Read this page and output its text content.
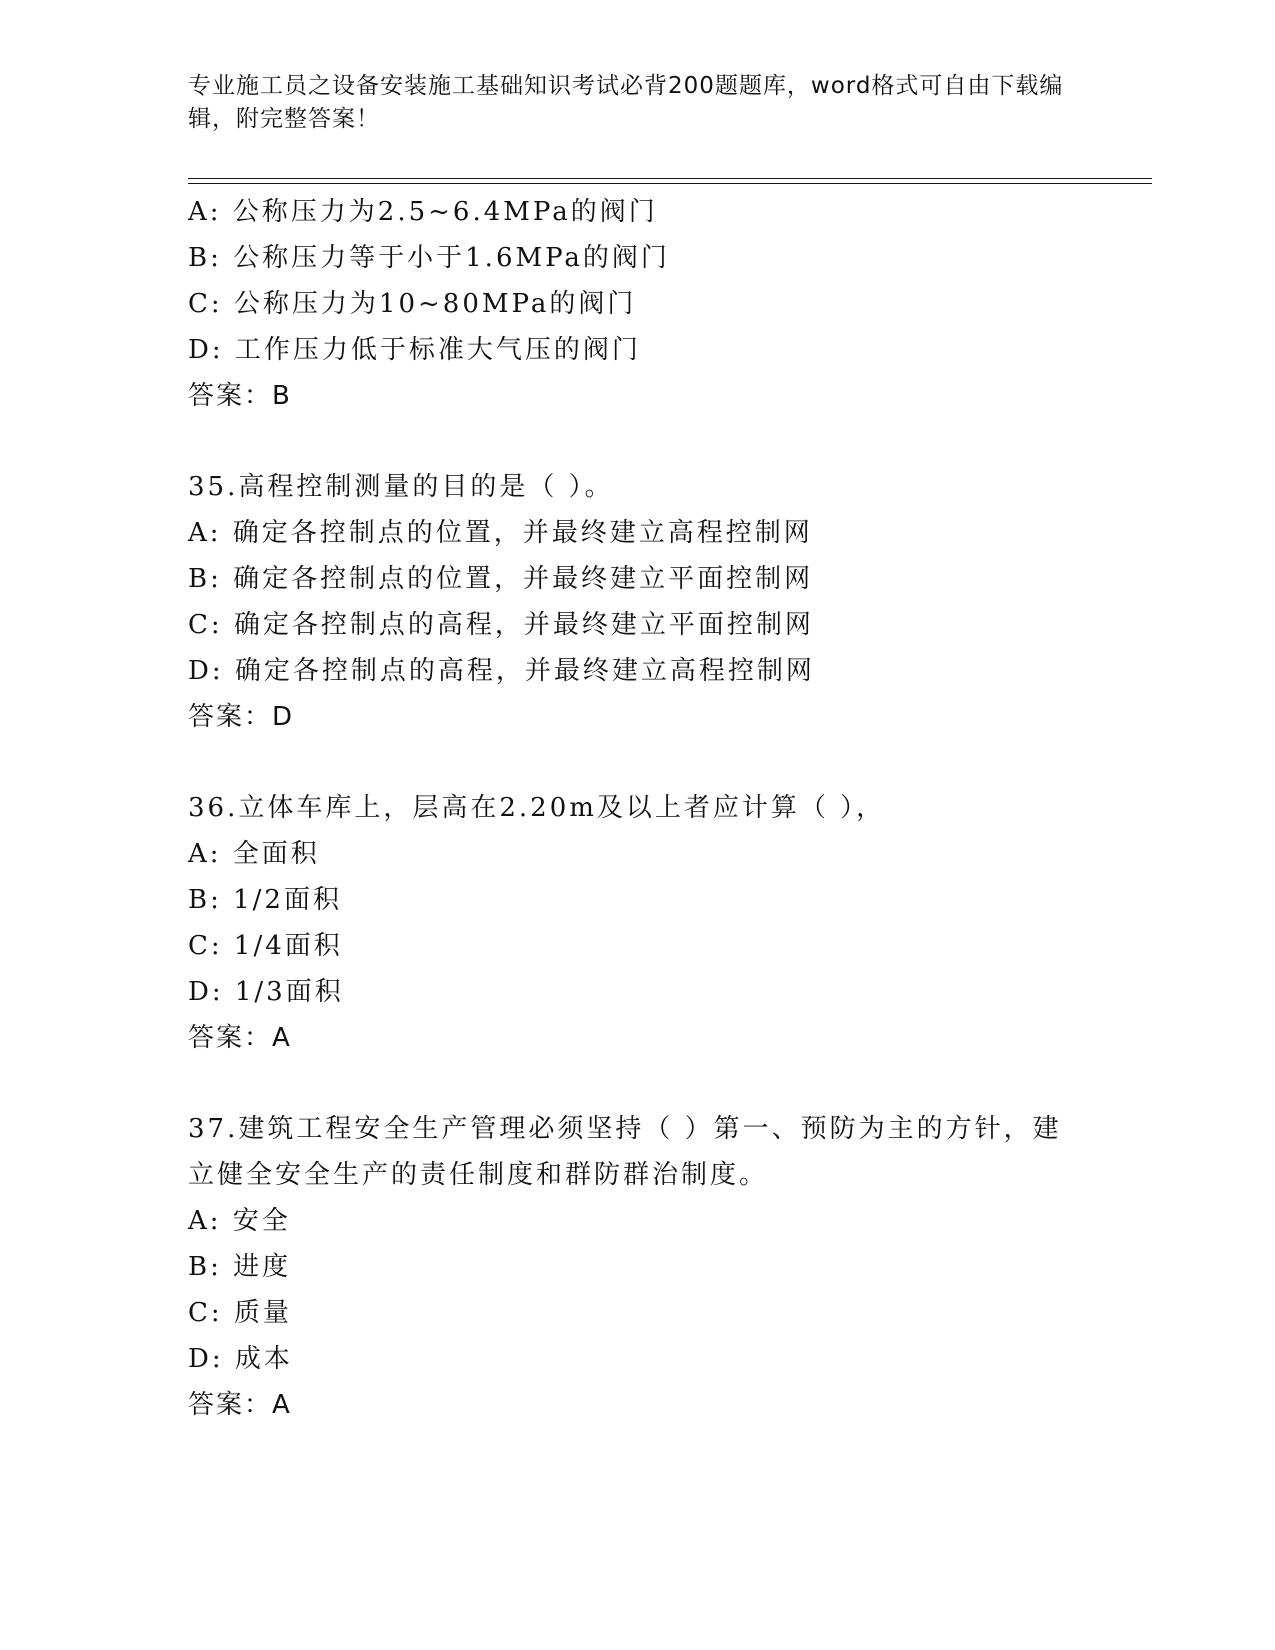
专业施工员之设备安装施工基础知识考试必背200题题库，word格式可自由下载编辑，附完整答案！
A: 公称压力为2.5~6.4MPa的阀门
B: 公称压力等于小于1.6MPa的阀门
C: 公称压力为10~80MPa的阀门
D: 工作压力低于标准大气压的阀门
答案：B
35.高程控制测量的目的是（ ）。
A: 确定各控制点的位置，并最终建立高程控制网
B: 确定各控制点的位置，并最终建立平面控制网
C: 确定各控制点的高程，并最终建立平面控制网
D: 确定各控制点的高程，并最终建立高程控制网
答案：D
36.立体车库上，层高在2.20m及以上者应计算（ ），
A: 全面积
B: 1/2面积
C: 1/4面积
D: 1/3面积
答案：A
37.建筑工程安全生产管理必须坚持（ ）第一、预防为主的方针，建立健全安全生产的责任制度和群防群治制度。
A: 安全
B: 进度
C: 质量
D: 成本
答案：A
